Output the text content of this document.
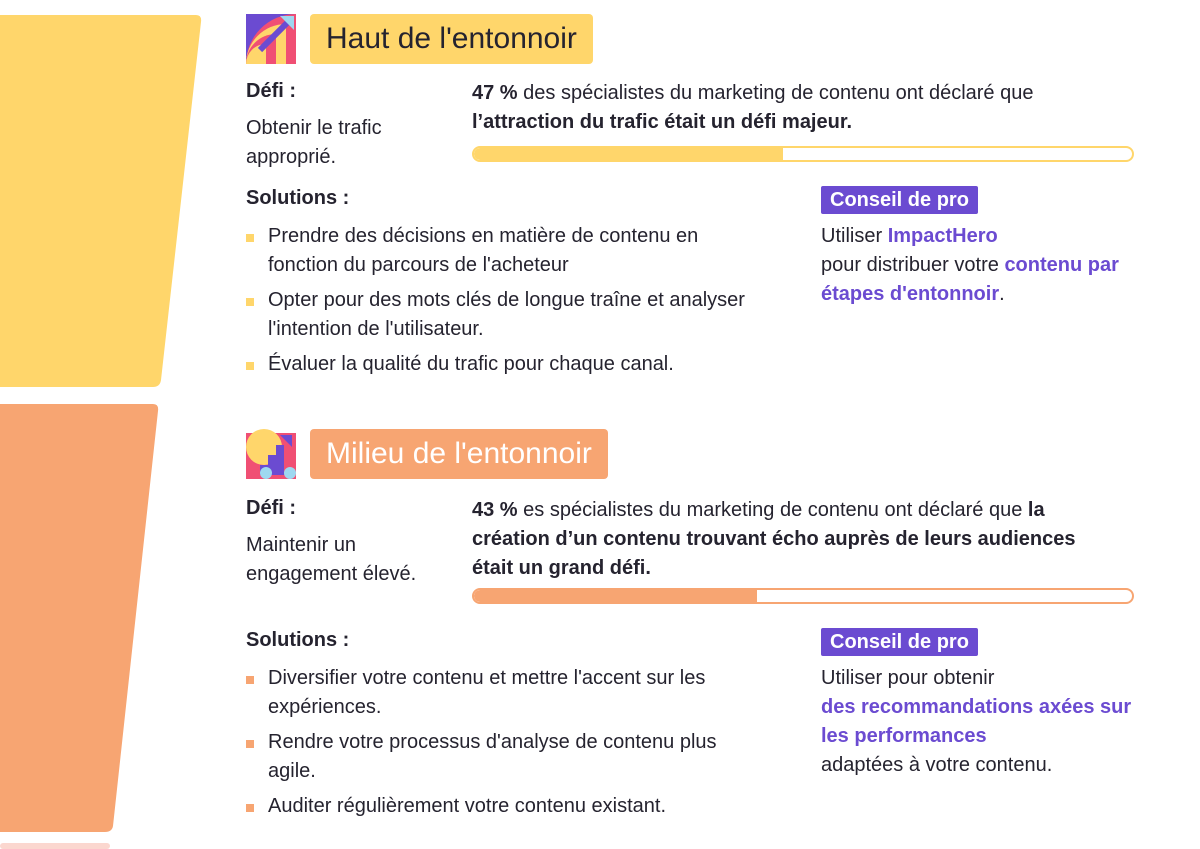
Haut de l'entonnoir
Défi :
Obtenir le trafic approprié.
47 % des spécialistes du marketing de contenu ont déclaré que l’attraction du trafic était un défi majeur.
Solutions :
Prendre des décisions en matière de contenu en fonction du parcours de l'acheteur
Opter pour des mots clés de longue traîne et analyser l'intention de l'utilisateur.
Évaluer la qualité du trafic pour chaque canal.
Conseil de pro
Utiliser ImpactHero
pour distribuer votre contenu par étapes d'entonnoir.
Milieu de l'entonnoir
Défi :
Maintenir un engagement élevé.
43 % es spécialistes du marketing de contenu ont déclaré que la création d’un contenu trouvant écho auprès de leurs audiences était un grand défi.
Solutions :
Diversifier votre contenu et mettre l'accent sur les expériences.
Rendre votre processus d'analyse de contenu plus agile.
Auditer régulièrement votre contenu existant.
Conseil de pro
Utiliser pour obtenir
des recommandations axées sur les performances
adaptées à votre contenu.
